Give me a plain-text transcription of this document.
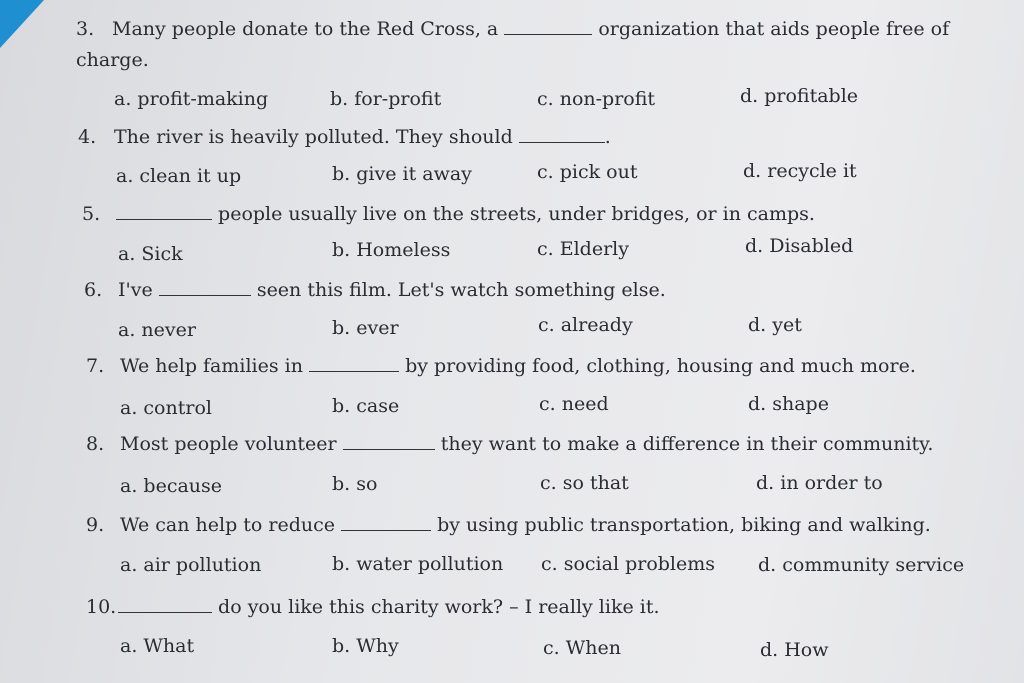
3. Many people donate to the Red Cross, a	organization that aids people free of
charge.
a. profit-making	b. for-profit	c. non-profit	d. profitable
4. The river is heavily polluted. They should	.
a. clean it up	b. give it away	c. pick out	d. recycle it
5.	people usually live on the streets, under bridges, or in camps.
a. Sick	b. Homeless	c. Elderly	d. Disabled
6. I've	seen this film. Let's watch something else.
a. never	b. ever	c. already	d. yet
7. We help families in	by providing food, clothing, housing and much more.
a. control	b. case	c. need	d. shape
8. Most people volunteer	they want to make a difference in their community.
a. because	b. so	c. so that	d. in order to
9. We can help to reduce	by using public transportation, biking and walking.
a. air pollution	b. water pollution c. social problems d. community service
10.	do you like this charity work? – I really like it.
a. What	b. Why	c. When	d. How
